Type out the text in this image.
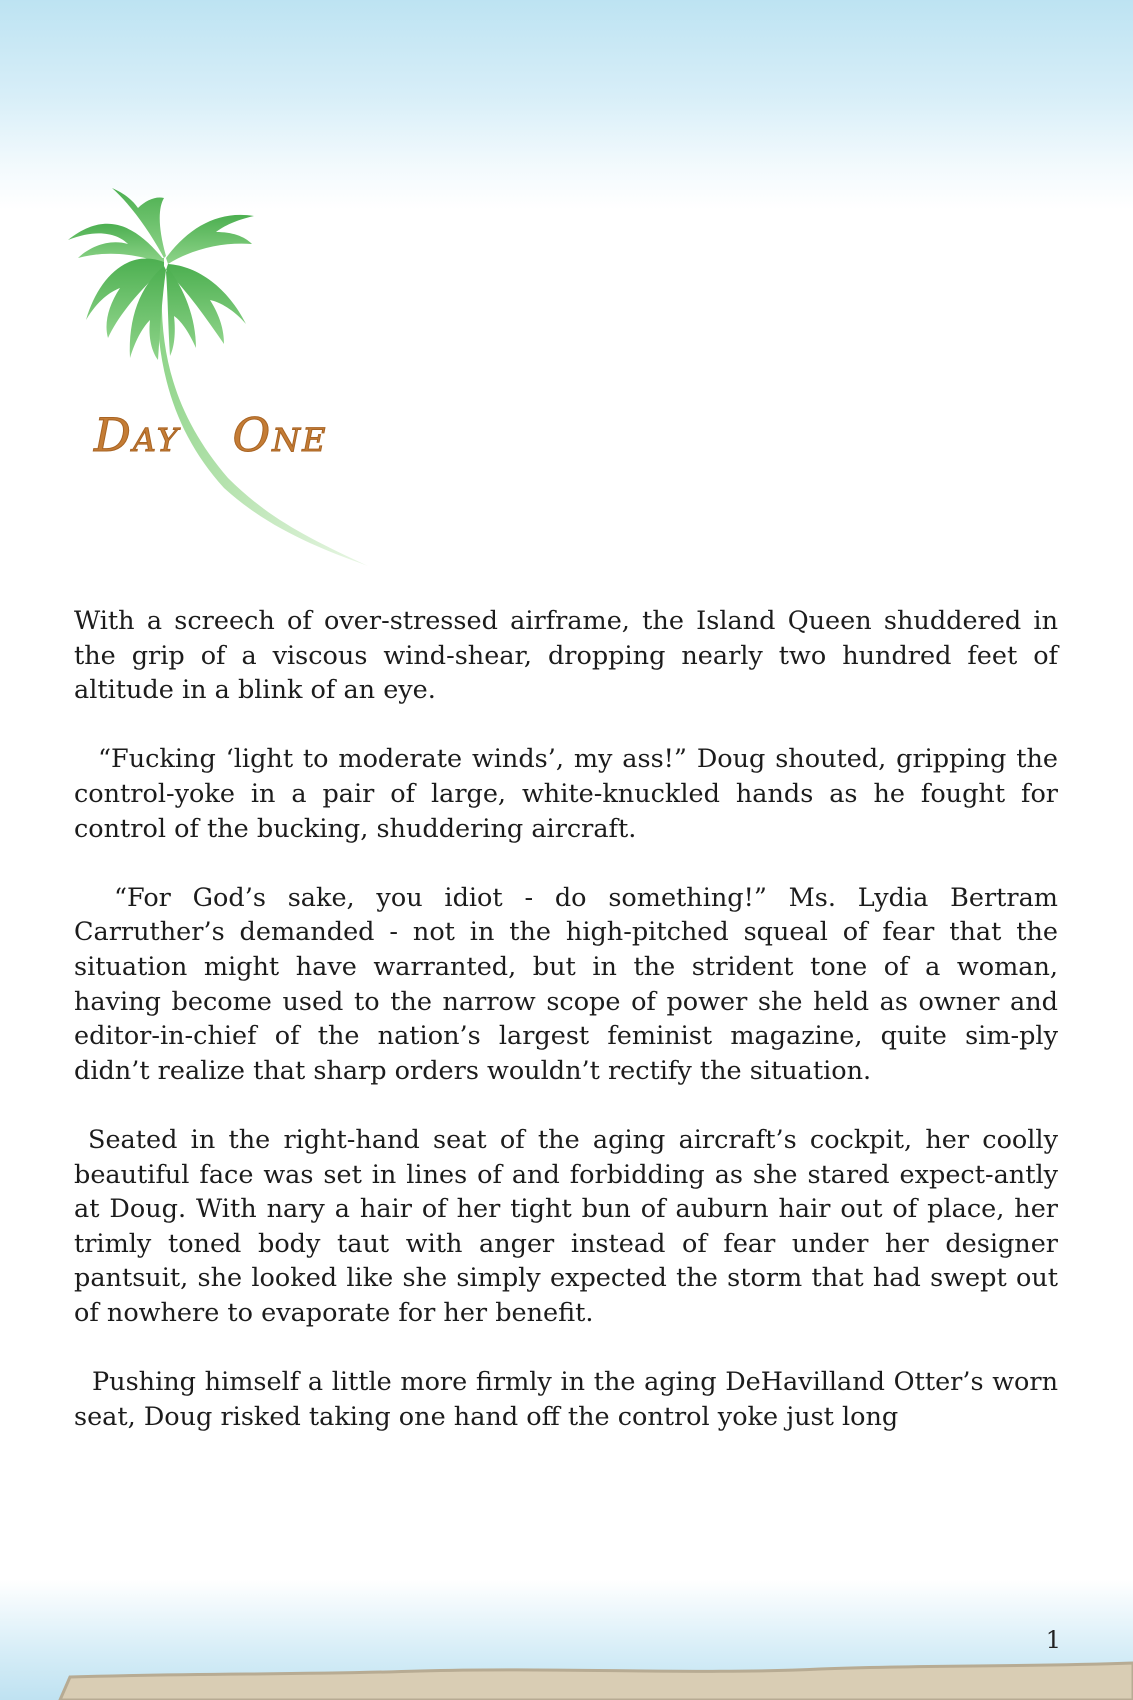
Day One

With a screech of over-stressed airframe, the Island Queen shuddered in the grip of a viscous wind-shear, dropping nearly two hundred feet of altitude in a blink of an eye.

“Fucking ‘light to moderate winds’, my ass!” Doug shouted, gripping the control-yoke in a pair of large, white-knuckled hands as he fought for control of the bucking, shuddering aircraft.

“For God’s sake, you idiot - do something!” Ms. Lydia Bertram Carruther’s demanded - not in the high-pitched squeal of fear that the situation might have warranted, but in the strident tone of a woman, having become used to the narrow scope of power she held as owner and editor-in-chief of the nation’s largest feminist magazine, quite sim-ply didn’t realize that sharp orders wouldn’t rectify the situation.

Seated in the right-hand seat of the aging aircraft’s cockpit, her coolly beautiful face was set in lines of and forbidding as she stared expect-antly at Doug. With nary a hair of her tight bun of auburn hair out of place, her trimly toned body taut with anger instead of fear under her designer pantsuit, she looked like she simply expected the storm that had swept out of nowhere to evaporate for her benefit.

Pushing himself a little more firmly in the aging DeHavilland Otter’s worn seat, Doug risked taking one hand off the control yoke just long

1
